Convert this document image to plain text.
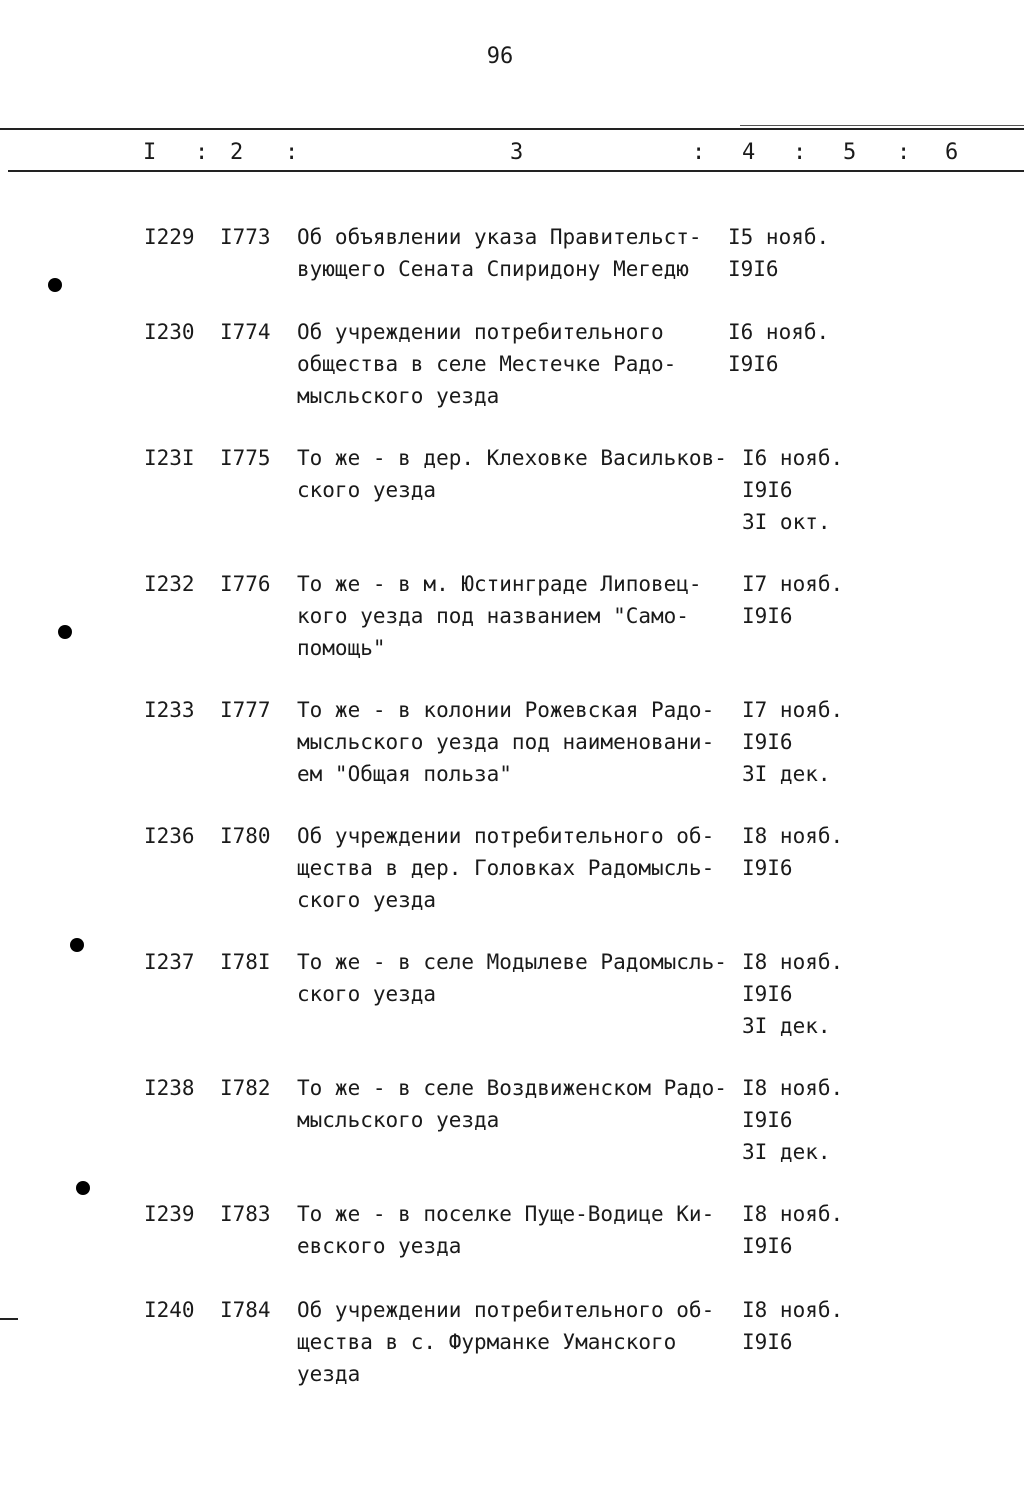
96
I : 2 :	3	: 4 : 5 : 6
I229 I773 Об объявлении указа Правительст-
вующего Сената Спиридону Мегедю
I5 нояб.
I9I6
I230 I774 Об учреждении потребительного
общества в селе Местечке Радо-
мысльского уезда
I6 нояб.
I9I6
I23I I775 То же - в дер. Клеховке Васильков-
ского уезда
I6 нояб.
I9I6
3I окт.
I232 I776 То же - в м. Юстинграде Липовец-
кого уезда под названием "Само-
помощь"
I7 нояб.
I9I6
I233 I777 То же - в колонии Рожевская Радо-
мысльского уезда под наименовани-
ем "Общая польза"
I7 нояб.
I9I6
3I дек.
I236 I780 Об учреждении потребительного об-
щества в дер. Головках Радомысль-
ского уезда
I8 нояб.
I9I6
I237 I78I То же - в селе Модылеве Радомысль-
ского уезда
I8 нояб.
I9I6
3I дек.
I238 I782 То же - в селе Воздвиженском Радо-
мысльского уезда
I8 нояб.
I9I6
3I дек.
I239 I783 То же - в поселке Пуще-Водице Ки-
евского уезда
I8 нояб.
I9I6
I240 I784 Об учреждении потребительного об-
щества в с. Фурманке Уманского
уезда
I8 нояб.
I9I6
